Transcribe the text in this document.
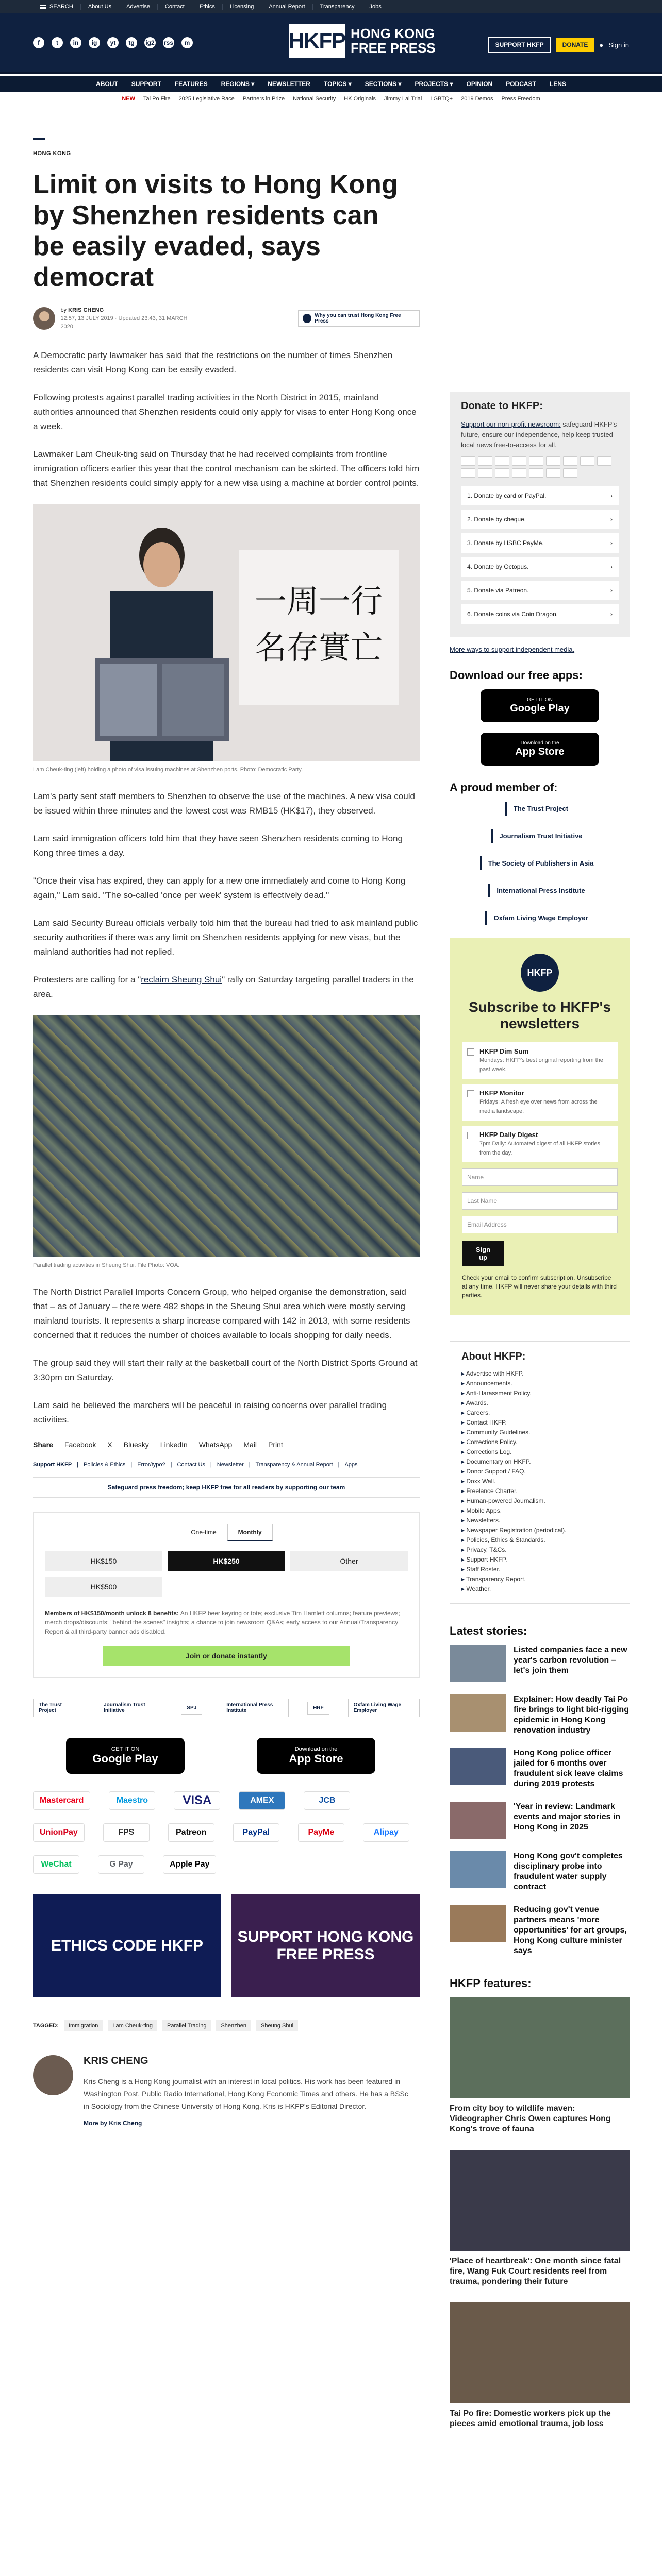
SEARCH	About Us	Advertise	Contact	Ethics	Licensing	Annual Report	Transparency	Jobs
f	t	in	ig	yt	tg	ig2 rss	m	HKFP HONG KONG
FREE PRESS	SUPPORT HKFP	DONATE	● Sign in
ABOUT SUPPORT FEATURES REGIONS ▾ NEWSLETTER TOPICS ▾ SECTIONS ▾ PROJECTS ▾ OPINION PODCAST LENS
NEW Tai Po Fire 2025 Legislative Race Partners in Prize National Security HK Originals Jimmy Lai Trial LGBTQ+ 2019 Demos Press Freedom
HONG KONG
Limit on visits to Hong Kong by Shenzhen residents can be easily evaded, says democrat
by KRIS CHENG
12:57, 13 JULY 2019 · Updated 23:43, 31 MARCH 2020
Why you can trust Hong Kong Free Press

A Democratic party lawmaker has said that the restrictions on the number of times Shenzhen residents can visit Hong Kong can be easily evaded.

Following protests against parallel trading activities in the North District in 2015, mainland authorities announced that Shenzhen residents could only apply for visas to enter Hong Kong once a week.

Lawmaker Lam Cheuk-ting said on Thursday that he had received complaints from frontline immigration officers earlier this year that the control mechanism can be skirted. The officers told him that Shenzhen residents could simply apply for a new visa using a machine at border control points.

一周一行
名存實亡
Lam Cheuk-ting (left) holding a photo of visa issuing machines at Shenzhen ports. Photo: Democratic Party.

Lam's party sent staff members to Shenzhen to observe the use of the machines. A new visa could be issued within three minutes and the lowest cost was RMB15 (HK$17), they observed.

Lam said immigration officers told him that they have seen Shenzhen residents coming to Hong Kong three times a day.

"Once their visa has expired, they can apply for a new one immediately and come to Hong Kong again," Lam said. "The so-called 'once per week' system is effectively dead."

Lam said Security Bureau officials verbally told him that the bureau had tried to ask mainland public security authorities if there was any limit on Shenzhen residents applying for new visas, but the mainland authorities had not replied.

Protesters are calling for a "reclaim Sheung Shui" rally on Saturday targeting parallel traders in the area.

Parallel trading activities in Sheung Shui. File Photo: VOA.

The North District Parallel Imports Concern Group, who helped organise the demonstration, said that – as of January – there were 482 shops in the Sheung Shui area which were mostly serving mainland tourists. It represents a sharp increase compared with 142 in 2013, with some residents concerned that it reduces the number of choices available to locals shopping for daily needs.

The group said they will start their rally at the basketball court of the North District Sports Ground at 3:30pm on Saturday.

Lam said he believed the marchers will be peaceful in raising concerns over parallel trading activities.

Share Facebook X Bluesky LinkedIn WhatsApp Mail Print
Support HKFP | Policies & Ethics | Error/typo? | Contact Us | Newsletter | Transparency & Annual Report | Apps
Safeguard press freedom; keep HKFP free for all readers by supporting our team
One-time	Monthly
HK$150	HK$250	Other
HK$500
Members of HK$150/month unlock 8 benefits: An HKFP beer keyring or tote; exclusive Tim Hamlett columns; feature previews; merch drops/discounts; "behind the scenes" insights; a chance to join newsroom Q&As; early access to our Annual/Transparency Report & all third-party banner ads disabled.
Join or donate instantly
The Trust Project
Journalism Trust Initiative	SPJ	International Press Institute	HRF	Oxfam Living Wage Employer
GET IT ON
Google Play
Download on the
App Store
Mastercard	Maestro	VISA	AMEX	JCB
UnionPay	FPS	Patreon	PayPal	PayMe	Alipay
WeChat	G Pay	Apple Pay
ETHICS CODE HKFP
SUPPORT HONG KONG FREE PRESS
TAGGED:	Immigration	Lam Cheuk-ting	Parallel Trading	Shenzhen	Sheung Shui
KRIS CHENG
Kris Cheng is a Hong Kong journalist with an interest in local politics. His work has been featured in Washington Post, Public Radio International, Hong Kong Economic Times and others. He has a BSSc in Sociology from the Chinese University of Hong Kong. Kris is HKFP's Editorial Director.
More by Kris Cheng
Donate to HKFP:
Support our non-profit newsroom: safeguard HKFP's future, ensure our independence, help keep trusted local news free-to-access for all.
1. Donate by card or PayPal.	›
2. Donate by cheque.	›
3. Donate by HSBC PayMe.	›
4. Donate by Octopus.	›
5. Donate via Patreon.	›
6. Donate coins via Coin Dragon.	›
More ways to support independent media.
Download our free apps:
GET IT ON
Google Play
Download on the
App Store
A proud member of:
The Trust Project
Journalism Trust Initiative
The Society of Publishers in Asia
International Press Institute
Oxfam Living Wage Employer
HKFP
Subscribe to HKFP's newsletters
HKFP Dim Sum
Mondays: HKFP's best original reporting from the past week.
HKFP Monitor
Fridays: A fresh eye over news from across the media landscape.
HKFP Daily Digest
7pm Daily: Automated digest of all HKFP stories from the day.
Name
Last Name
Email Address
Sign up
Check your email to confirm subscription. Unsubscribe at any time. HKFP will never share your details with third parties.
About HKFP:
▸ Advertise with HKFP.
▸ Announcements.
▸ Anti-Harassment Policy.
▸ Awards.
▸ Careers.
▸ Contact HKFP.
▸ Community Guidelines.
▸ Corrections Policy.
▸ Corrections Log.
▸ Documentary on HKFP.
▸ Donor Support / FAQ.
▸ Doxx Wall.
▸ Freelance Charter.
▸ Human-powered Journalism.
▸ Mobile Apps.
▸ Newsletters.
▸ Newspaper Registration (periodical).
▸ Policies, Ethics & Standards.
▸ Privacy, T&Cs.
▸ Support HKFP.
▸ Staff Roster.
▸ Transparency Report.
▸ Weather.
Latest stories:
Listed companies face a new year's carbon revolution – let's join them
Explainer: How deadly Tai Po fire brings to light bid-rigging epidemic in Hong Kong renovation industry
Hong Kong police officer jailed for 6 months over fraudulent sick leave claims during 2019 protests
'Year in review: Landmark events and major stories in Hong Kong in 2025
Hong Kong gov't completes disciplinary probe into fraudulent water supply contract
Reducing gov't venue partners means 'more opportunities' for art groups, Hong Kong culture minister says
HKFP features:
From city boy to wildlife maven: Videographer Chris Owen captures Hong Kong's trove of fauna
'Place of heartbreak': One month since fatal fire, Wang Fuk Court residents reel from trauma, pondering their future
Tai Po fire: Domestic workers pick up the pieces amid emotional trauma, job loss
